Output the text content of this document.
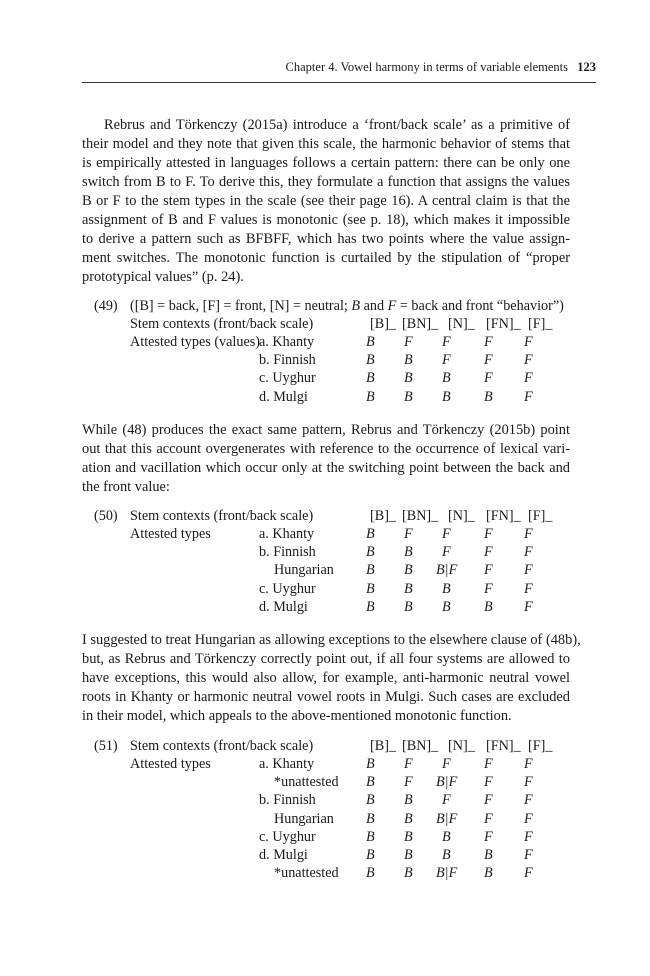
Chapter 4. Vowel harmony in terms of variable elements 123
Rebrus and Törkenczy (2015a) introduce a ‘front/back scale’ as a primitive of
their model and they note that given this scale, the harmonic behavior of stems that
is empirically attested in languages follows a certain pattern: there can be only one
switch from B to F. To derive this, they formulate a function that assigns the values
B or F to the stem types in the scale (see their page 16). A central claim is that the
assignment of B and F values is monotonic (see p. 18), which makes it impossible
to derive a pattern such as BFBFF, which has two points where the value assign-
ment switches. The monotonic function is curtailed by the stipulation of “proper
prototypical values” (p. 24).
(49) ([B] = back, [F] = front, [N] = neutral; B and F = back and front “behavior”)
Stem contexts (front/back scale)	[B]_ [BN]_ [N]_ [FN]_ [F]_
Attested types (values)
a. Khanty	B F F F F
b. Finnish	B B F F F
c. Uyghur	B B B F F
d. Mulgi	B B B B F
While (48) produces the exact same pattern, Rebrus and Törkenczy (2015b) point
out that this account overgenerates with reference to the occurrence of lexical vari-
ation and vacillation which occur only at the switching point between the back and
the front value:
(50) Stem contexts (front/back scale)	[B]_ [BN]_ [N]_ [FN]_ [F]_
Attested types	a. Khanty	B F F F F
b. Finnish	B B F F F
Hungarian B B B|F F F
c. Uyghur	B B B F F
d. Mulgi	B B B B F
I suggested to treat Hungarian as allowing exceptions to the elsewhere clause of (48b),
but, as Rebrus and Törkenczy correctly point out, if all four systems are allowed to
have exceptions, this would also allow, for example, anti-harmonic neutral vowel
roots in Khanty or harmonic neutral vowel roots in Mulgi. Such cases are excluded
in their model, which appeals to the above-mentioned monotonic function.
(51) Stem contexts (front/back scale)	[B]_ [BN]_ [N]_ [FN]_ [F]_
Attested types	a. Khanty	B F F F F
*unattested B F B|F F F
b. Finnish	B B F F F
Hungarian B B B|F F F
c. Uyghur	B B B F F
d. Mulgi	B B B B F
*unattested B B B|F B F
